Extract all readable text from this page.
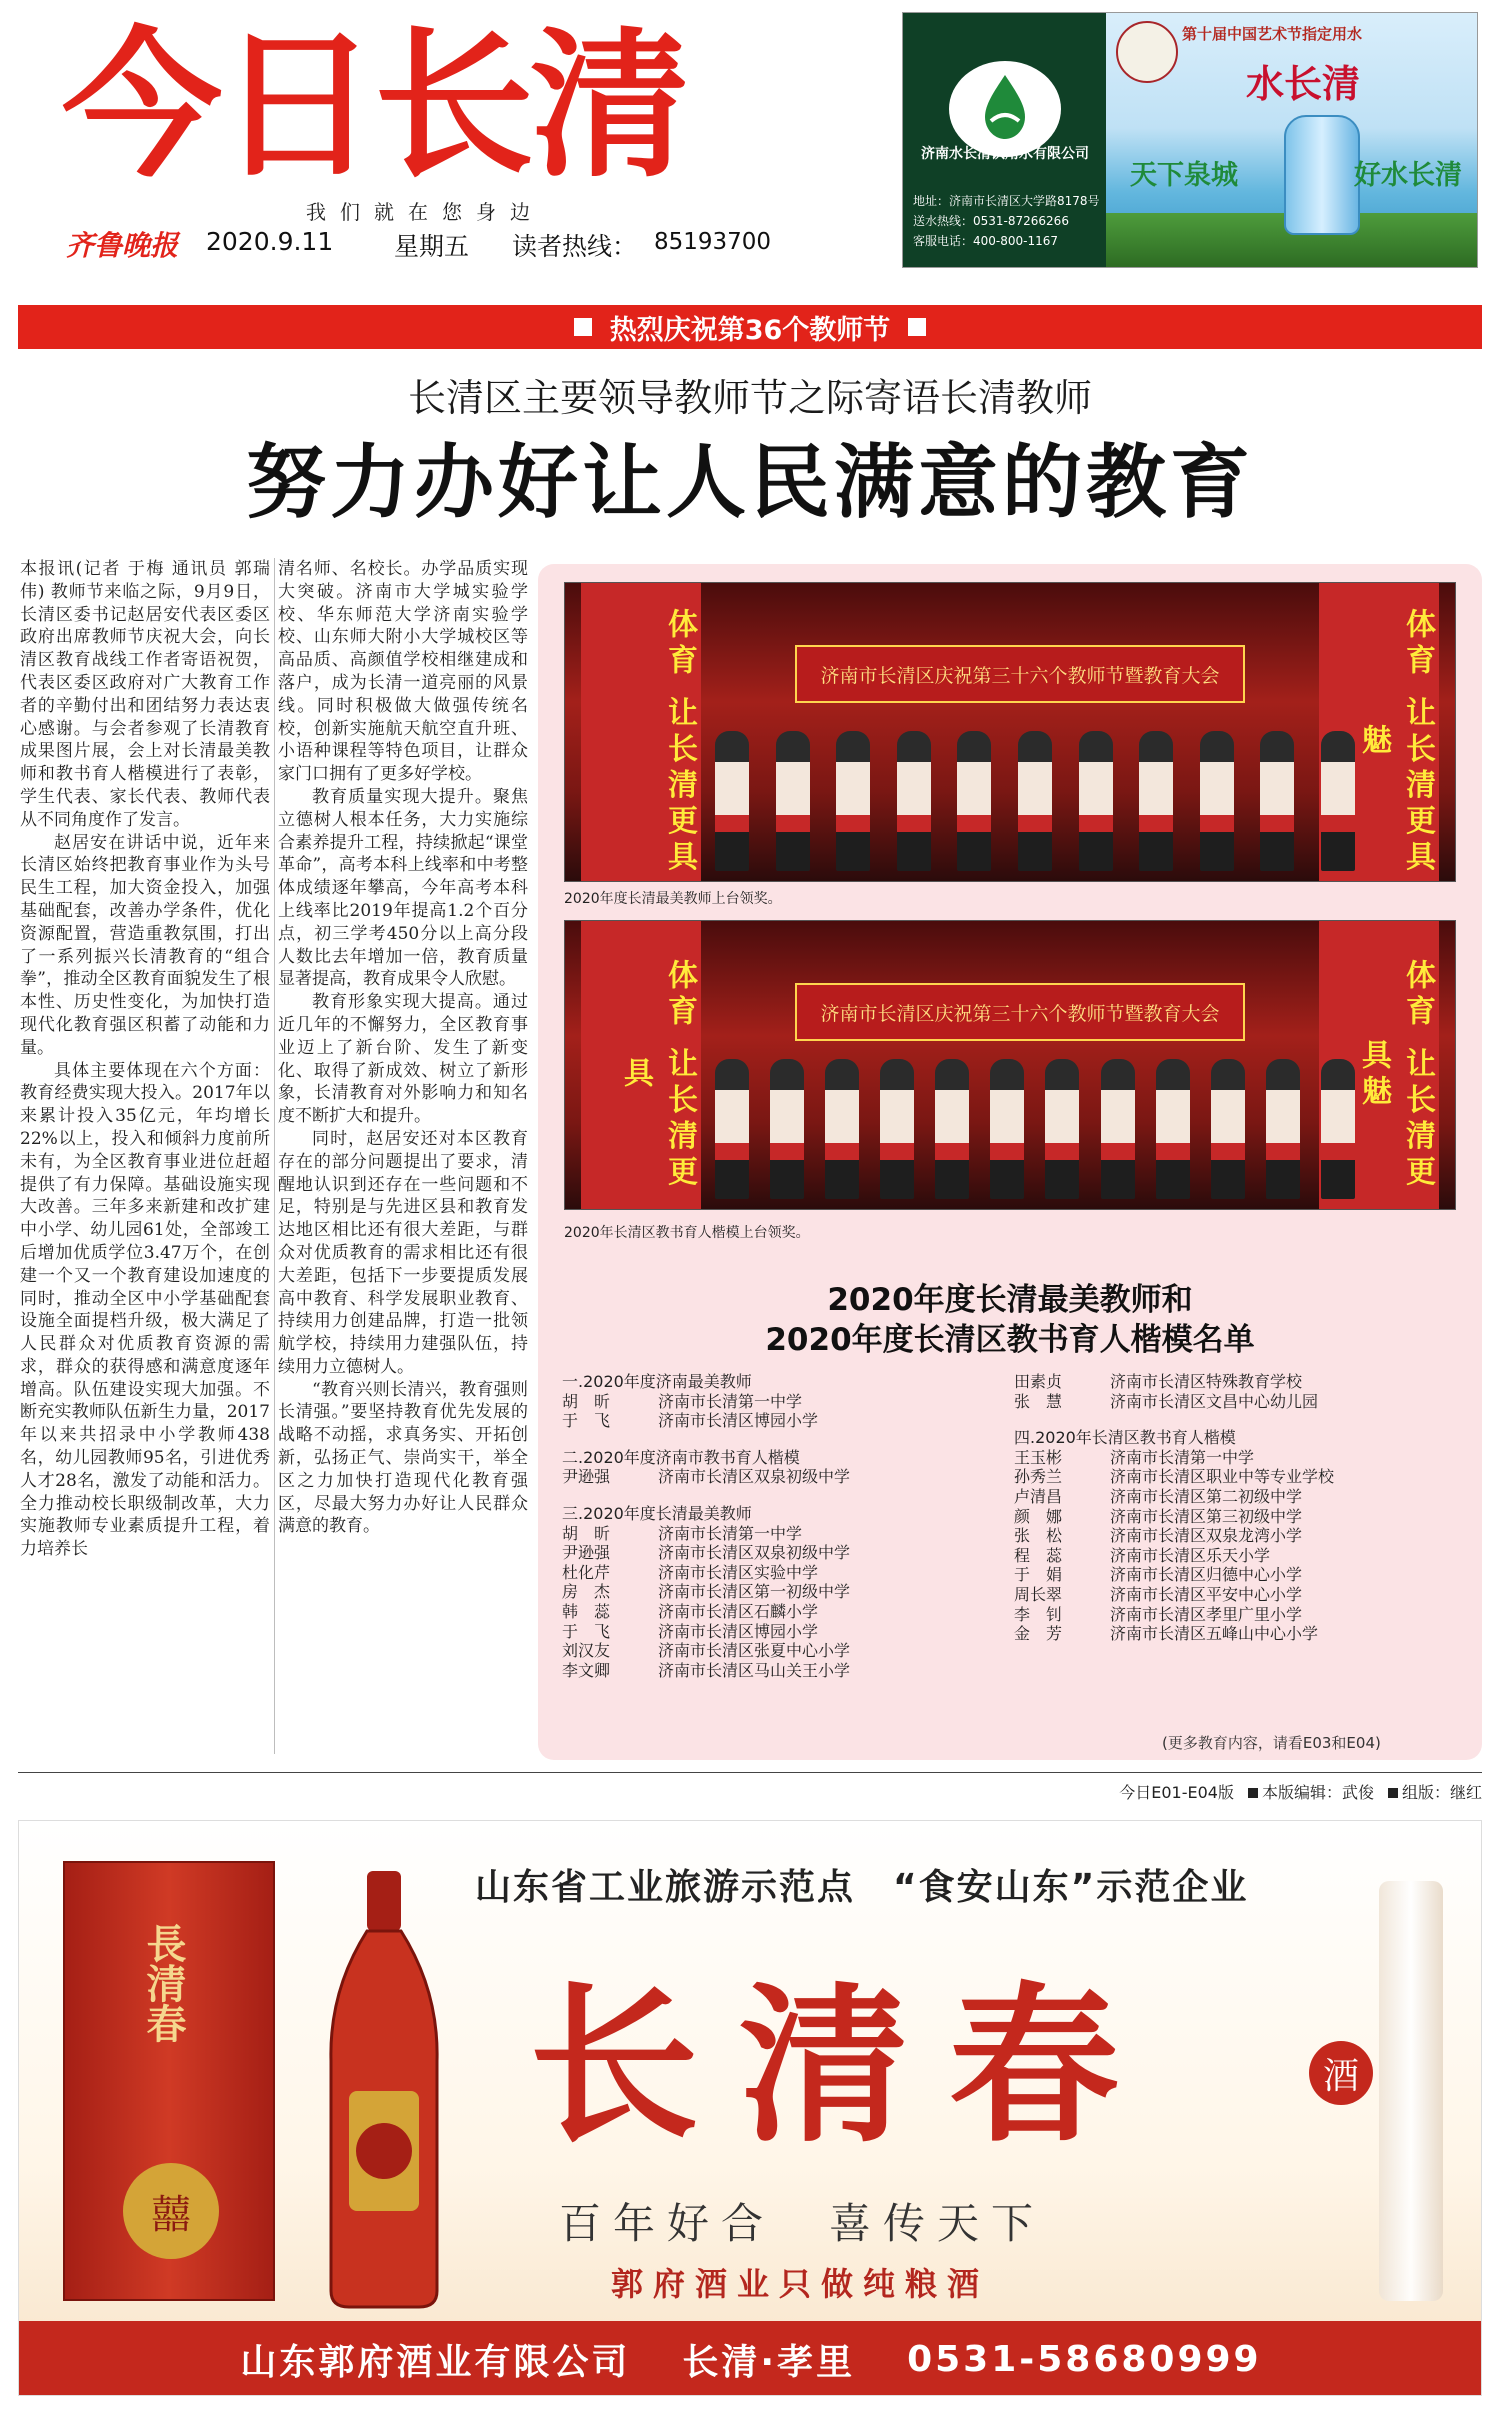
今日长清
我们就在您身边
齐鲁晚报 2020.9.11 星期五 读者热线： 85193700
济南水长清饮用水有限公司
地址：济南市长清区大学路8178号
送水热线：0531-87266266
客服电话：400-800-1167
第十届中国艺术节指定用水
水长清
天下泉城	好水长清
热烈庆祝第36个教师节
长清区主要领导教师节之际寄语长清教师
努力办好让人民满意的教育

本报讯(记者 于梅 通讯员 郭瑞伟) 教师节来临之际，9月9日，长清区委书记赵居安代表区委区政府出席教师节庆祝大会，向长清区教育战线工作者寄语祝贺，代表区委区政府对广大教育工作者的辛勤付出和团结努力表达衷心感谢。与会者参观了长清教育成果图片展，会上对长清最美教师和教书育人楷模进行了表彰，学生代表、家长代表、教师代表从不同角度作了发言。

赵居安在讲话中说，近年来长清区始终把教育事业作为头号民生工程，加大资金投入，加强基础配套，改善办学条件，优化资源配置，营造重教氛围，打出了一系列振兴长清教育的“组合拳”，推动全区教育面貌发生了根本性、历史性变化，为加快打造现代化教育强区积蓄了动能和力量。

具体主要体现在六个方面：教育经费实现大投入。2017年以来累计投入35亿元，年均增长22%以上，投入和倾斜力度前所未有，为全区教育事业进位赶超提供了有力保障。基础设施实现大改善。三年多来新建和改扩建中小学、幼儿园61处，全部竣工后增加优质学位3.47万个，在创建一个又一个教育建设加速度的同时，推动全区中小学基础配套设施全面提档升级，极大满足了人民群众对优质教育资源的需求，群众的获得感和满意度逐年增高。队伍建设实现大加强。不断充实教师队伍新生力量，2017年以来共招录中小学教师438名，幼儿园教师95名，引进优秀人才28名，激发了动能和活力。全力推动校长职级制改革，大力实施教师专业素质提升工程，着力培养长

清名师、名校长。办学品质实现大突破。济南市大学城实验学校、华东师范大学济南实验学校、山东师大附小大学城校区等高品质、高颜值学校相继建成和落户，成为长清一道亮丽的风景线。同时积极做大做强传统名校，创新实施航天航空直升班、小语种课程等特色项目，让群众家门口拥有了更多好学校。

教育质量实现大提升。聚焦立德树人根本任务，大力实施综合素养提升工程，持续掀起“课堂革命”，高考本科上线率和中考整体成绩逐年攀高，今年高考本科上线率比2019年提高1.2个百分点，初三学考450分以上高分段人数比去年增加一倍，教育质量显著提高，教育成果令人欣慰。

教育形象实现大提高。通过近几年的不懈努力，全区教育事业迈上了新台阶、发生了新变化、取得了新成效、树立了新形象，长清教育对外影响力和知名度不断扩大和提升。

同时，赵居安还对本区教育存在的部分问题提出了要求，清醒地认识到还存在一些问题和不足，特别是与先进区县和教育发达地区相比还有很大差距，与群众对优质教育的需求相比还有很大差距，包括下一步要提质发展高中教育、科学发展职业教育、持续用力创建品牌，打造一批领航学校，持续用力建强队伍，持续用力立德树人。

“教育兴则长清兴，教育强则长清强。”要坚持教育优先发展的战略不动摇，求真务实、开拓创新，弘扬正气、崇尚实干，举全区之力加快打造现代化教育强区，尽最大努力办好让人民群众满意的教育。

体育 让长清更具	体育 让长清更具魅
济南市长清区庆祝第三十六个教师节暨教育大会
2020年度长清最美教师上台领奖。
体育 让长清更具	体育 让长清更具魅
济南市长清区庆祝第三十六个教师节暨教育大会
2020年长清区教书育人楷模上台领奖。
2020年度长清最美教师和
2020年度长清区教书育人楷模名单
一.2020年度济南最美教师
胡　昕	济南市长清第一中学
于　飞	济南市长清区博园小学
二.2020年度济南市教书育人楷模
尹逊强	济南市长清区双泉初级中学
三.2020年度长清最美教师
胡　昕	济南市长清第一中学
尹逊强	济南市长清区双泉初级中学
杜化芹	济南市长清区实验中学
房　杰	济南市长清区第一初级中学
韩　蕊	济南市长清区石麟小学
于　飞	济南市长清区博园小学
刘汉友	济南市长清区张夏中心小学
李文卿	济南市长清区马山关王小学
田素贞	济南市长清区特殊教育学校
张　慧	济南市长清区文昌中心幼儿园
四.2020年长清区教书育人楷模
王玉彬	济南市长清第一中学
孙秀兰	济南市长清区职业中等专业学校
卢清昌	济南市长清区第二初级中学
颜　娜	济南市长清区第三初级中学
张　松	济南市长清区双泉龙湾小学
程　蕊	济南市长清区乐天小学
于　娟	济南市长清区归德中心小学
周长翠	济南市长清区平安中心小学
李　钊	济南市长清区孝里广里小学
金　芳	济南市长清区五峰山中心小学
(更多教育内容，请看E03和E04)
今日E01-E04版	本版编辑：武俊	组版：继红
山东省工业旅游示范点　“食安山东”示范企业
長清春
囍
长清春	酒
百年好合　喜传天下
郭府酒业只做纯粮酒
山东郭府酒业有限公司 长清·孝里 0531-58680999
